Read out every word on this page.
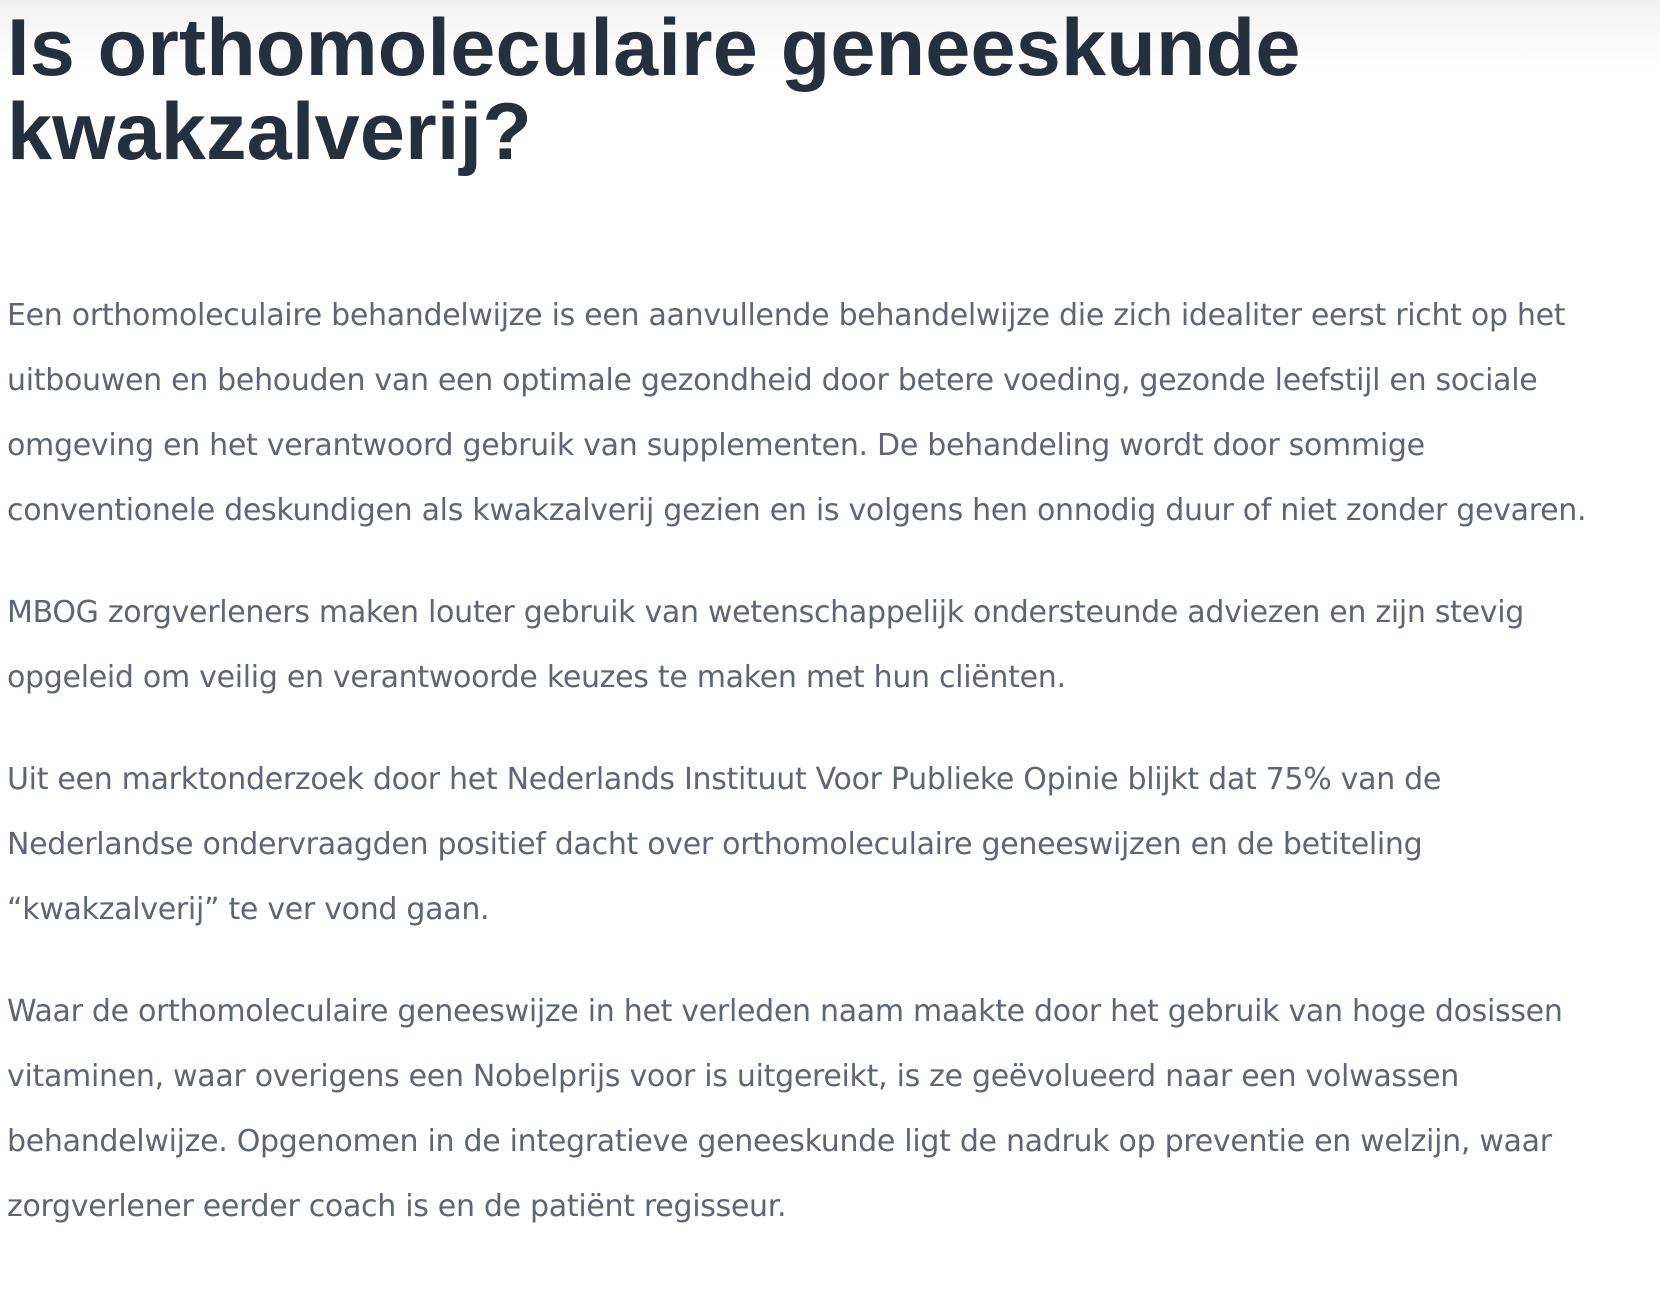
Is orthomoleculaire geneeskunde kwakzalverij?

Een orthomoleculaire behandelwijze is een aanvullende behandelwijze die zich idealiter eerst richt op het uitbouwen en behouden van een optimale gezondheid door betere voeding, gezonde leefstijl en sociale omgeving en het verantwoord gebruik van supplementen. De behandeling wordt door sommige conventionele deskundigen als kwakzalverij gezien en is volgens hen onnodig duur of niet zonder gevaren.

MBOG zorgverleners maken louter gebruik van wetenschappelijk ondersteunde adviezen en zijn stevig opgeleid om veilig en verantwoorde keuzes te maken met hun cliënten.

Uit een marktonderzoek door het Nederlands Instituut Voor Publieke Opinie blijkt dat 75% van de Nederlandse ondervraagden positief dacht over orthomoleculaire geneeswijzen en de betiteling “kwakzalverij” te ver vond gaan.

Waar de orthomoleculaire geneeswijze in het verleden naam maakte door het gebruik van hoge dosissen vitaminen, waar overigens een Nobelprijs voor is uitgereikt, is ze geëvolueerd naar een volwassen behandelwijze. Opgenomen in de integratieve geneeskunde ligt de nadruk op preventie en welzijn, waar zorgverlener eerder coach is en de patiënt regisseur.
